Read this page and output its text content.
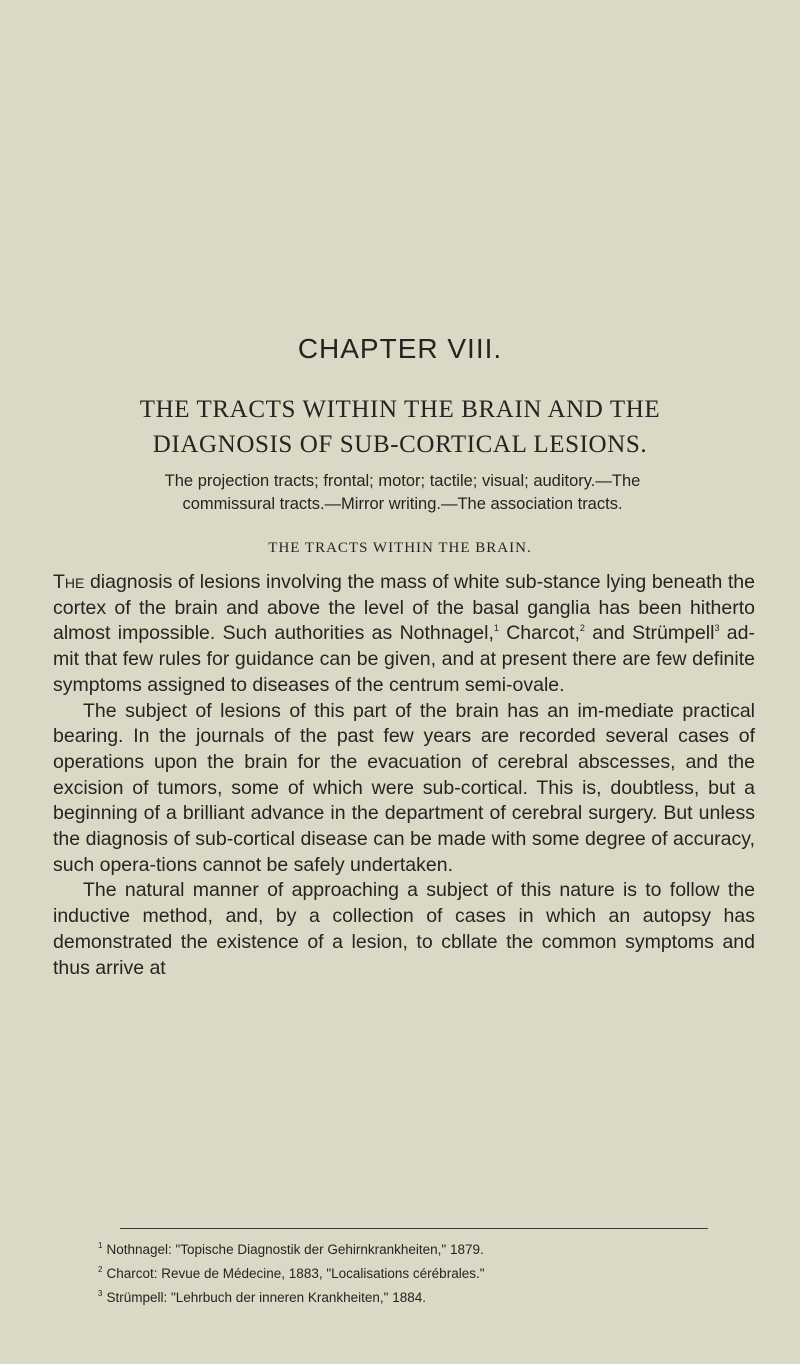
CHAPTER VIII.
THE TRACTS WITHIN THE BRAIN AND THE
DIAGNOSIS OF SUB-CORTICAL LESIONS.
The projection tracts; frontal; motor; tactile; visual; auditory.—The
commissural tracts.—Mirror writing.—The association tracts.
THE TRACTS WITHIN THE BRAIN.

The diagnosis of lesions involving the mass of white sub-stance lying beneath the cortex of the brain and above the level of the basal ganglia has been hitherto almost impossible. Such authorities as Nothnagel,$^1$ Charcot,$^2$ and Strümpell$^3$ ad-mit that few rules for guidance can be given, and at present there are few definite symptoms assigned to diseases of the centrum semi-ovale.

The subject of lesions of this part of the brain has an im-mediate practical bearing. In the journals of the past few years are recorded several cases of operations upon the brain for the evacuation of cerebral abscesses, and the excision of tumors, some of which were sub-cortical. This is, doubtless, but a beginning of a brilliant advance in the department of cerebral surgery. But unless the diagnosis of sub-cortical disease can be made with some degree of accuracy, such opera-tions cannot be safely undertaken.

The natural manner of approaching a subject of this nature is to follow the inductive method, and, by a collection of cases in which an autopsy has demonstrated the existence of a lesion, to cbllate the common symptoms and thus arrive at

$^1$ Nothnagel: "Topische Diagnostik der Gehirnkrankheiten," 1879.
$^2$ Charcot: Revue de Médecine, 1883, "Localisations cérébrales."
$^3$ Strümpell: "Lehrbuch der inneren Krankheiten," 1884.
